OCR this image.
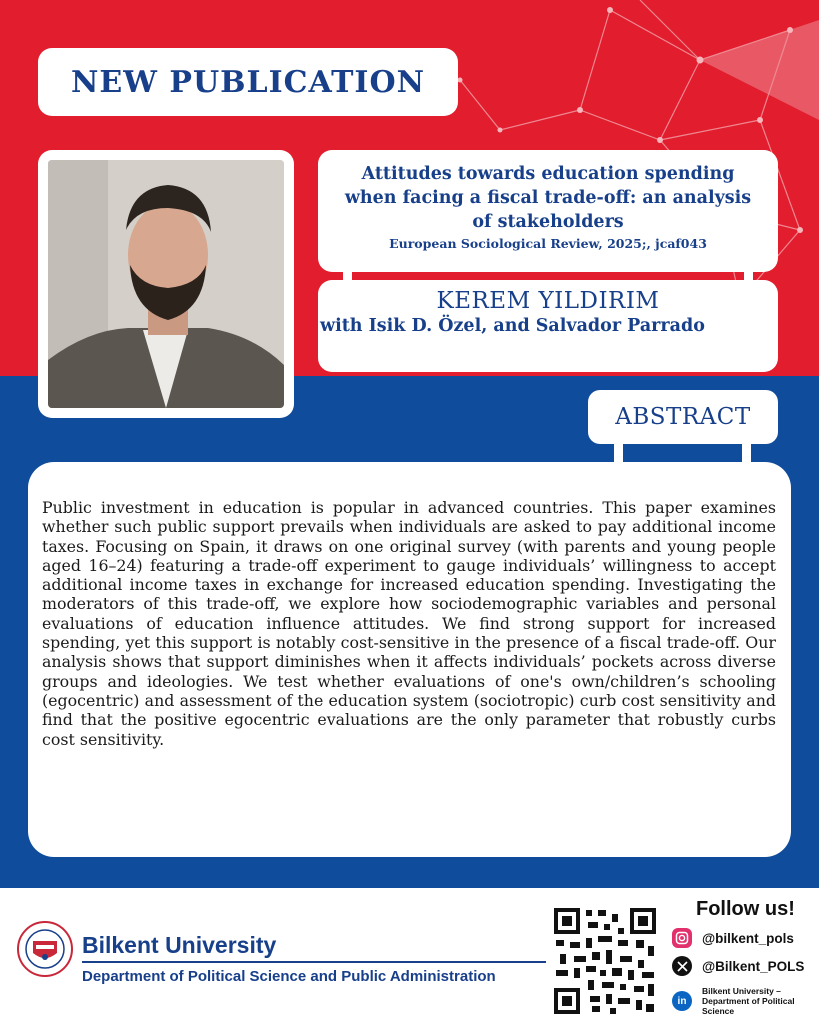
NEW PUBLICATION
Attitudes towards education spending when facing a fiscal trade-off: an analysis of stakeholders
European Sociological Review, 2025;, jcaf043
KEREM YILDIRIM
with Isik D. Özel, and Salvador Parrado
ABSTRACT
Public investment in education is popular in advanced countries. This paper examines whether such public support prevails when individuals are asked to pay additional income taxes. Focusing on Spain, it draws on one original survey (with parents and young people aged 16–24) featuring a trade-off experiment to gauge individuals’ willingness to accept additional income taxes in exchange for increased education spending. Investigating the moderators of this trade-off, we explore how sociodemographic variables and personal evaluations of education influence attitudes. We find strong support for increased spending, yet this support is notably cost-sensitive in the presence of a fiscal trade-off. Our analysis shows that support diminishes when it affects individuals’ pockets across diverse groups and ideologies. We test whether evaluations of one's own/children’s schooling (egocentric) and assessment of the education system (sociotropic) curb cost sensitivity and find that the positive egocentric evaluations are the only parameter that robustly curbs cost sensitivity.
Bilkent University
Department of Political Science and Public Administration
Follow us!
@bilkent_pols
@Bilkent_POLS
in
Bilkent University – Department of Political Science
